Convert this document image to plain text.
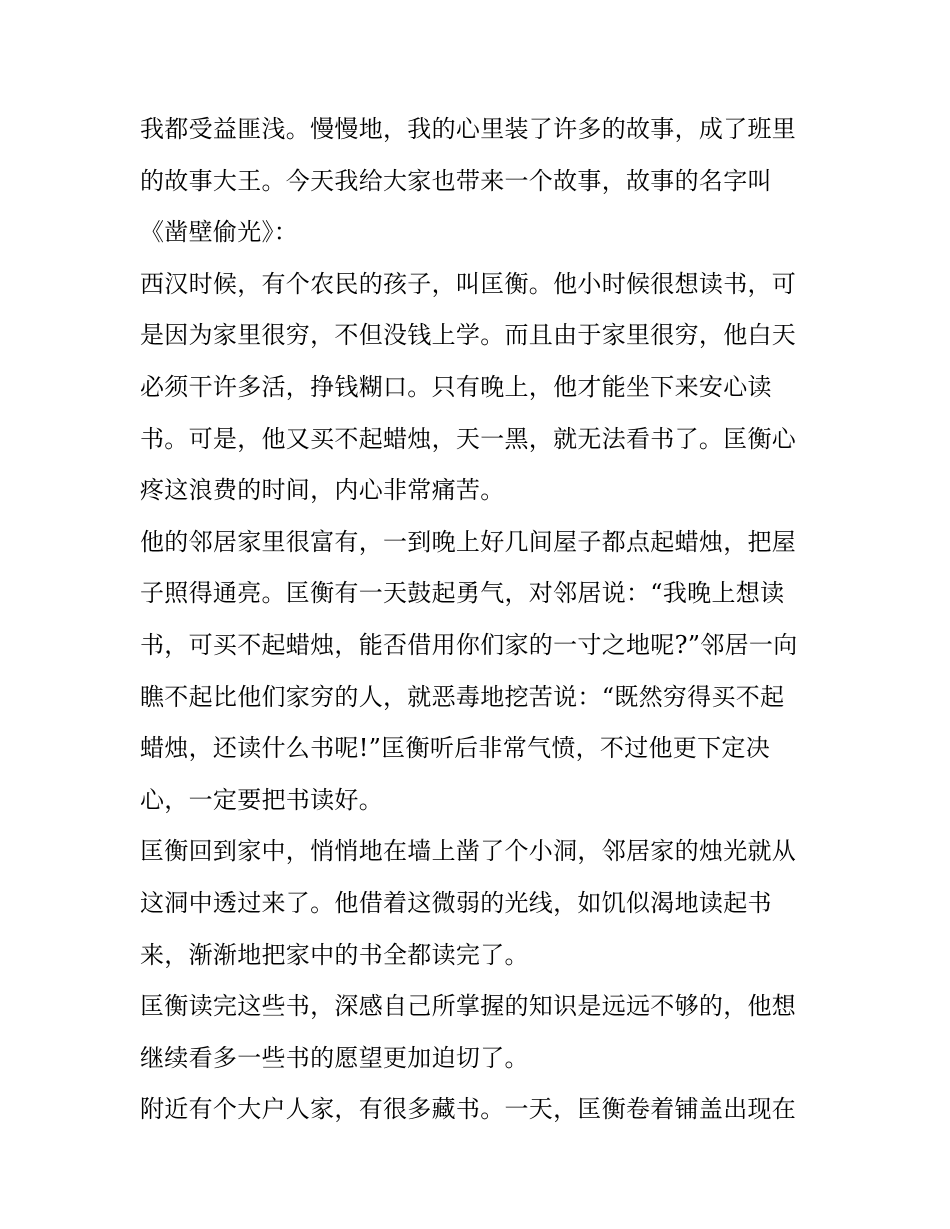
我都受益匪浅。慢慢地，我的心里装了许多的故事，成了班里
的故事大王。今天我给大家也带来一个故事，故事的名字叫
《凿壁偷光》：
西汉时候，有个农民的孩子，叫匡衡。他小时候很想读书，可
是因为家里很穷，不但没钱上学。而且由于家里很穷，他白天
必须干许多活，挣钱糊口。只有晚上，他才能坐下来安心读
书。可是，他又买不起蜡烛，天一黑，就无法看书了。匡衡心
疼这浪费的时间，内心非常痛苦。
他的邻居家里很富有，一到晚上好几间屋子都点起蜡烛，把屋
子照得通亮。匡衡有一天鼓起勇气，对邻居说：“我晚上想读
书，可买不起蜡烛，能否借用你们家的一寸之地呢?”邻居一向
瞧不起比他们家穷的人，就恶毒地挖苦说：“既然穷得买不起
蜡烛，还读什么书呢!”匡衡听后非常气愤，不过他更下定决
心，一定要把书读好。
匡衡回到家中，悄悄地在墙上凿了个小洞，邻居家的烛光就从
这洞中透过来了。他借着这微弱的光线，如饥似渴地读起书
来，渐渐地把家中的书全都读完了。
匡衡读完这些书，深感自己所掌握的知识是远远不够的，他想
继续看多一些书的愿望更加迫切了。
附近有个大户人家，有很多藏书。一天，匡衡卷着铺盖出现在
